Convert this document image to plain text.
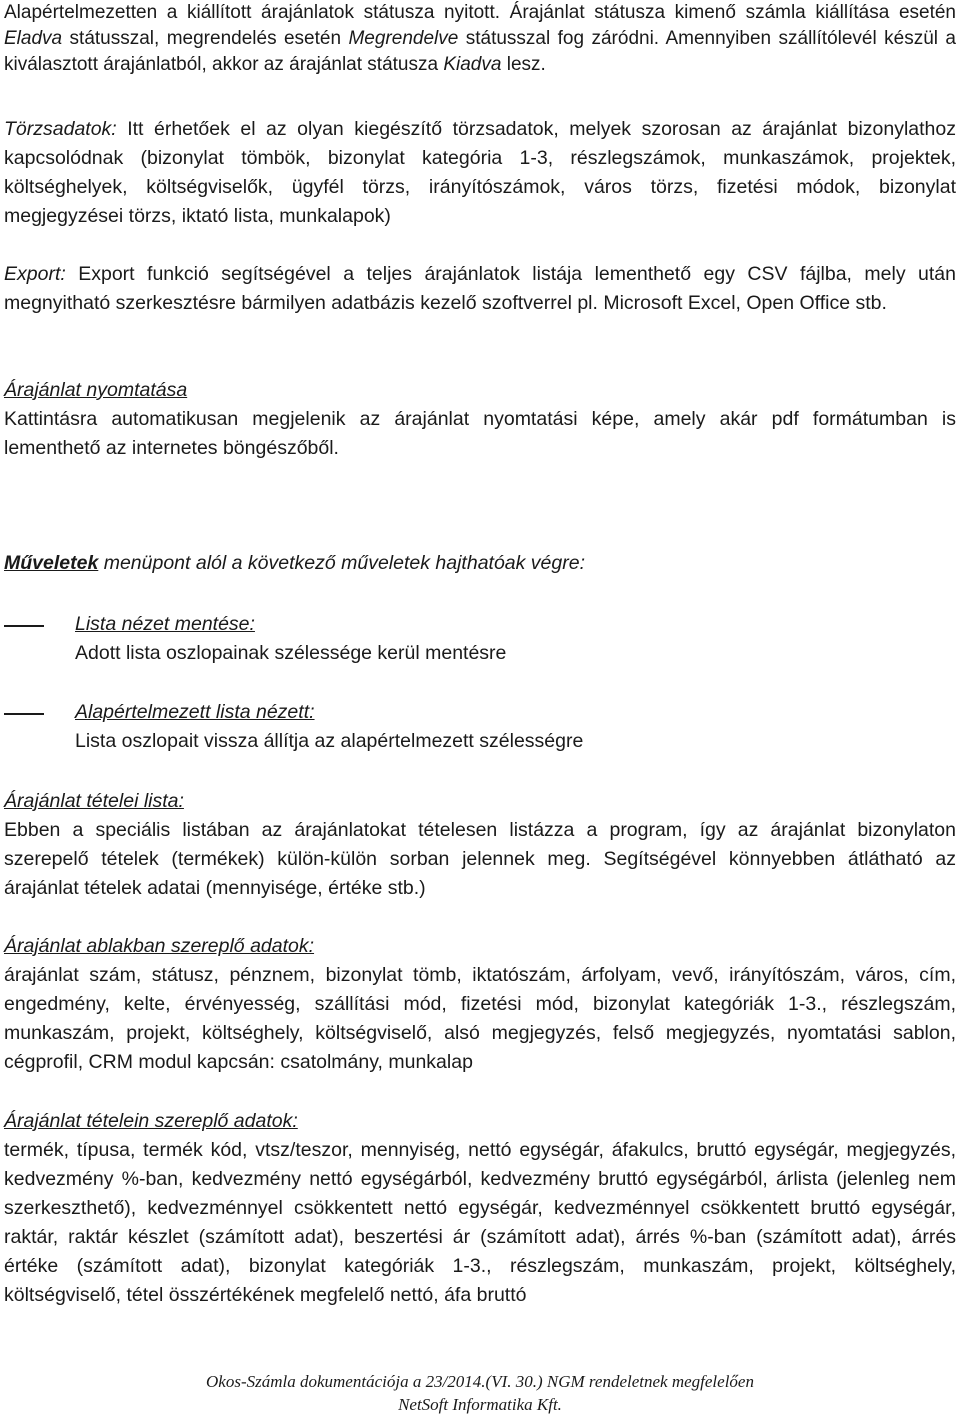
Alapértelmezetten a kiállított árajánlatok státusza nyitott. Árajánlat státusza kimenő számla kiállítása esetén Eladva státusszal, megrendelés esetén Megrendelve státusszal fog záródni. Amennyiben szállítólevél készül a kiválasztott árajánlatból, akkor az árajánlat státusza Kiadva lesz.

Törzsadatok: Itt érhetőek el az olyan kiegészítő törzsadatok, melyek szorosan az árajánlat bizonylathoz kapcsolódnak (bizonylat tömbök, bizonylat kategória 1-3, részlegszámok, munkaszámok, projektek, költséghelyek, költségviselők, ügyfél törzs, irányítószámok, város törzs, fizetési módok, bizonylat megjegyzései törzs, iktató lista, munkalapok)

Export: Export funkció segítségével a teljes árajánlatok listája lementhető egy CSV fájlba, mely után megnyitható szerkesztésre bármilyen adatbázis kezelő szoftverrel pl. Microsoft Excel, Open Office stb.

Árajánlat nyomtatása
Kattintásra automatikusan megjelenik az árajánlat nyomtatási képe, amely akár pdf formátumban is lementhető az internetes böngészőből.

Műveletek menüpont alól a következő műveletek hajthatóak végre:

Lista nézet mentése:
Adott lista oszlopainak szélessége kerül mentésre
Alapértelmezett lista nézett:
Lista oszlopait vissza állítja az alapértelmezett szélességre

Árajánlat tételei lista:
Ebben a speciális listában az árajánlatokat tételesen listázza a program, így az árajánlat bizonylaton szerepelő tételek (termékek) külön-külön sorban jelennek meg. Segítségével könnyebben átlátható az árajánlat tételek adatai (mennyisége, értéke stb.)

Árajánlat ablakban szereplő adatok:
árajánlat szám, státusz, pénznem, bizonylat tömb, iktatószám, árfolyam, vevő, irányítószám, város, cím, engedmény, kelte, érvényesség, szállítási mód, fizetési mód, bizonylat kategóriák 1-3., részlegszám, munkaszám, projekt, költséghely, költségviselő, alsó megjegyzés, felső megjegyzés, nyomtatási sablon, cégprofil, CRM modul kapcsán: csatolmány, munkalap

Árajánlat tételein szereplő adatok:
termék, típusa, termék kód, vtsz/teszor, mennyiség, nettó egységár, áfakulcs, bruttó egységár, megjegyzés, kedvezmény %-ban, kedvezmény nettó egységárból, kedvezmény bruttó egységárból, árlista (jelenleg nem szerkeszthető), kedvezménnyel csökkentett nettó egységár, kedvezménnyel csökkentett bruttó egységár, raktár, raktár készlet (számított adat), beszertési ár (számított adat), árrés %-ban (számított adat), árrés értéke (számított adat), bizonylat kategóriák 1-3., részlegszám, munkaszám, projekt, költséghely, költségviselő, tétel összértékének megfelelő nettó, áfa bruttó

Okos-Számla dokumentációja a 23/2014.(VI. 30.) NGM rendeletnek megfelelően
NetSoft Informatika Kft.
